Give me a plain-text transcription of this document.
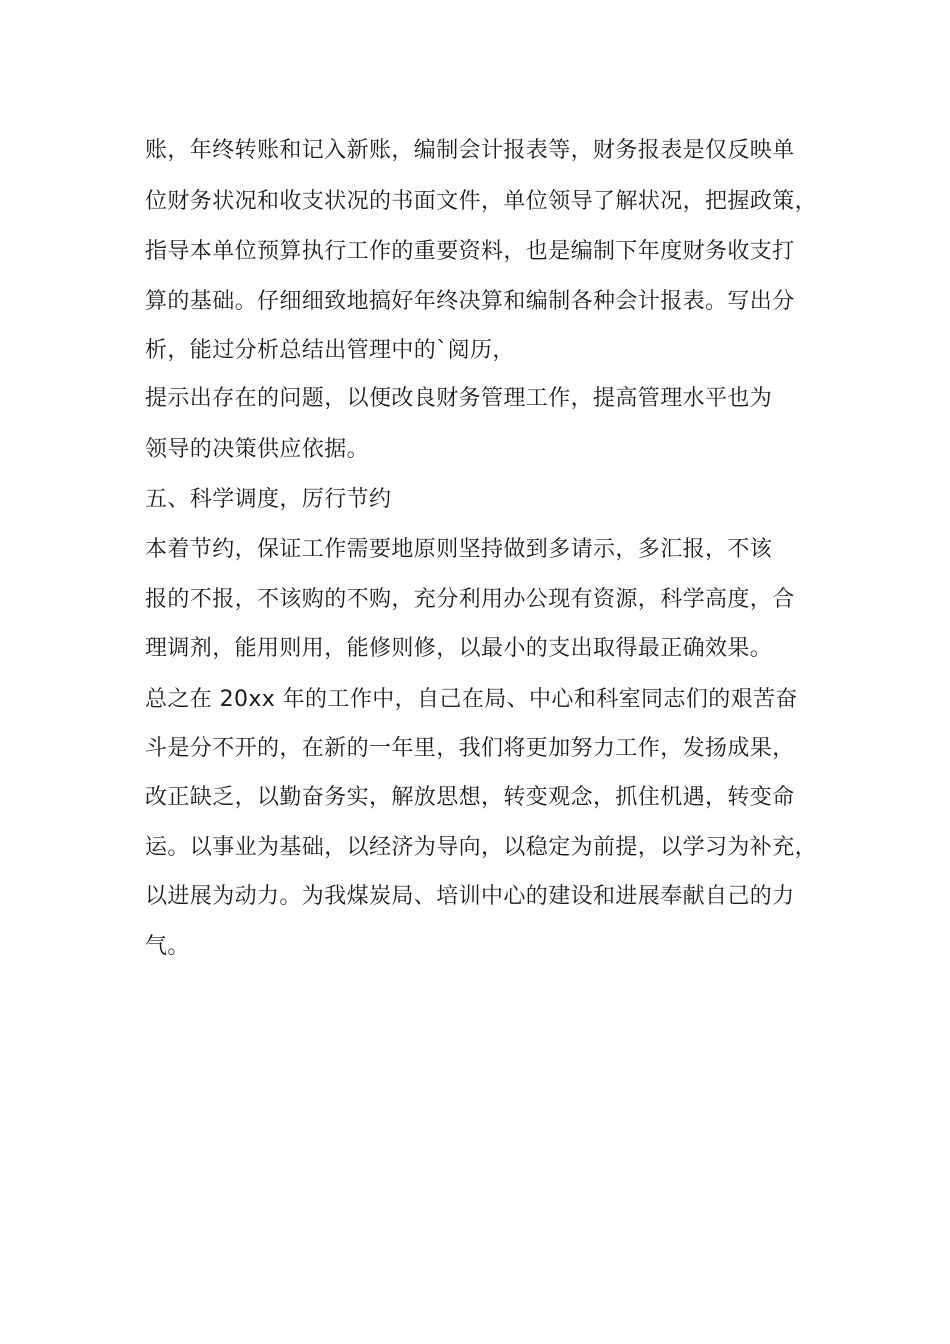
账，年终转账和记入新账，编制会计报表等，财务报表是仅反映单
位财务状况和收支状况的书面文件，单位领导了解状况，把握政策，
指导本单位预算执行工作的重要资料，也是编制下年度财务收支打
算的基础。仔细细致地搞好年终决算和编制各种会计报表。写出分
析，能过分析总结出管理中的`阅历，
提示出存在的问题，以便改良财务管理工作，提高管理水平也为
领导的决策供应依据。
五、科学调度，厉行节约
本着节约，保证工作需要地原则坚持做到多请示，多汇报，不该
报的不报，不该购的不购，充分利用办公现有资源，科学高度，合
理调剂，能用则用，能修则修，以最小的支出取得最正确效果。
总之在 20xx 年的工作中，自己在局、中心和科室同志们的艰苦奋
斗是分不开的，在新的一年里，我们将更加努力工作，发扬成果，
改正缺乏，以勤奋务实，解放思想，转变观念，抓住机遇，转变命
运。以事业为基础，以经济为导向，以稳定为前提，以学习为补充，
以进展为动力。为我煤炭局、培训中心的建设和进展奉献自己的力
气。
